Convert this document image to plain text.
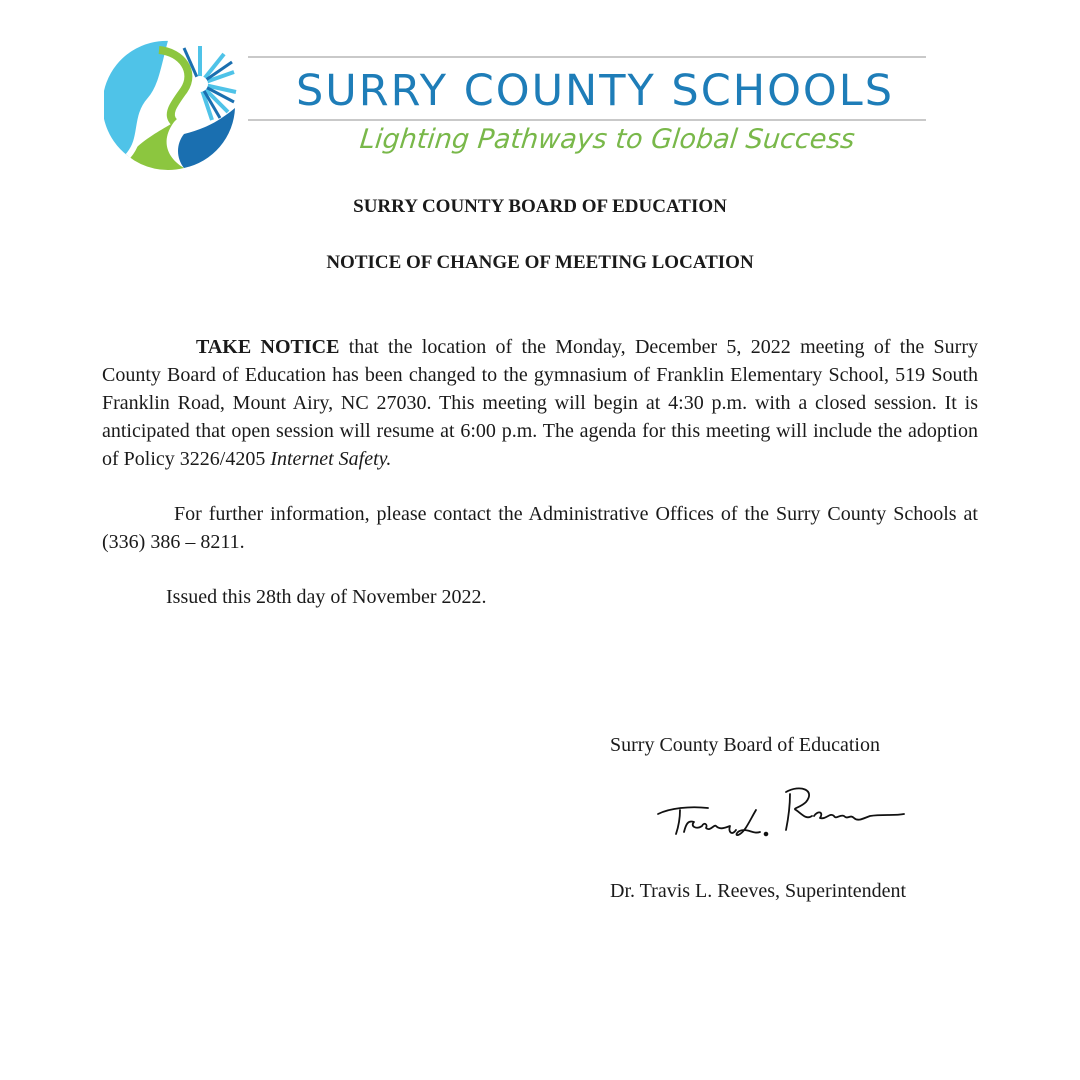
SURRY COUNTY SCHOOLS
Lighting Pathways to Global Success
SURRY COUNTY BOARD OF EDUCATION
NOTICE OF CHANGE OF MEETING LOCATION

TAKE NOTICE that the location of the Monday, December 5, 2022 meeting of the Surry County Board of Education has been changed to the gymnasium of Franklin Elementary School, 519 South Franklin Road, Mount Airy, NC 27030. This meeting will begin at 4:30 p.m. with a closed session. It is anticipated that open session will resume at 6:00 p.m. The agenda for this meeting will include the adoption of Policy 3226/4205 Internet Safety.

For further information, please contact the Administrative Offices of the Surry County Schools at (336) 386 – 8211.

Issued this 28th day of November 2022.

Surry County Board of Education
Dr. Travis L. Reeves, Superintendent
